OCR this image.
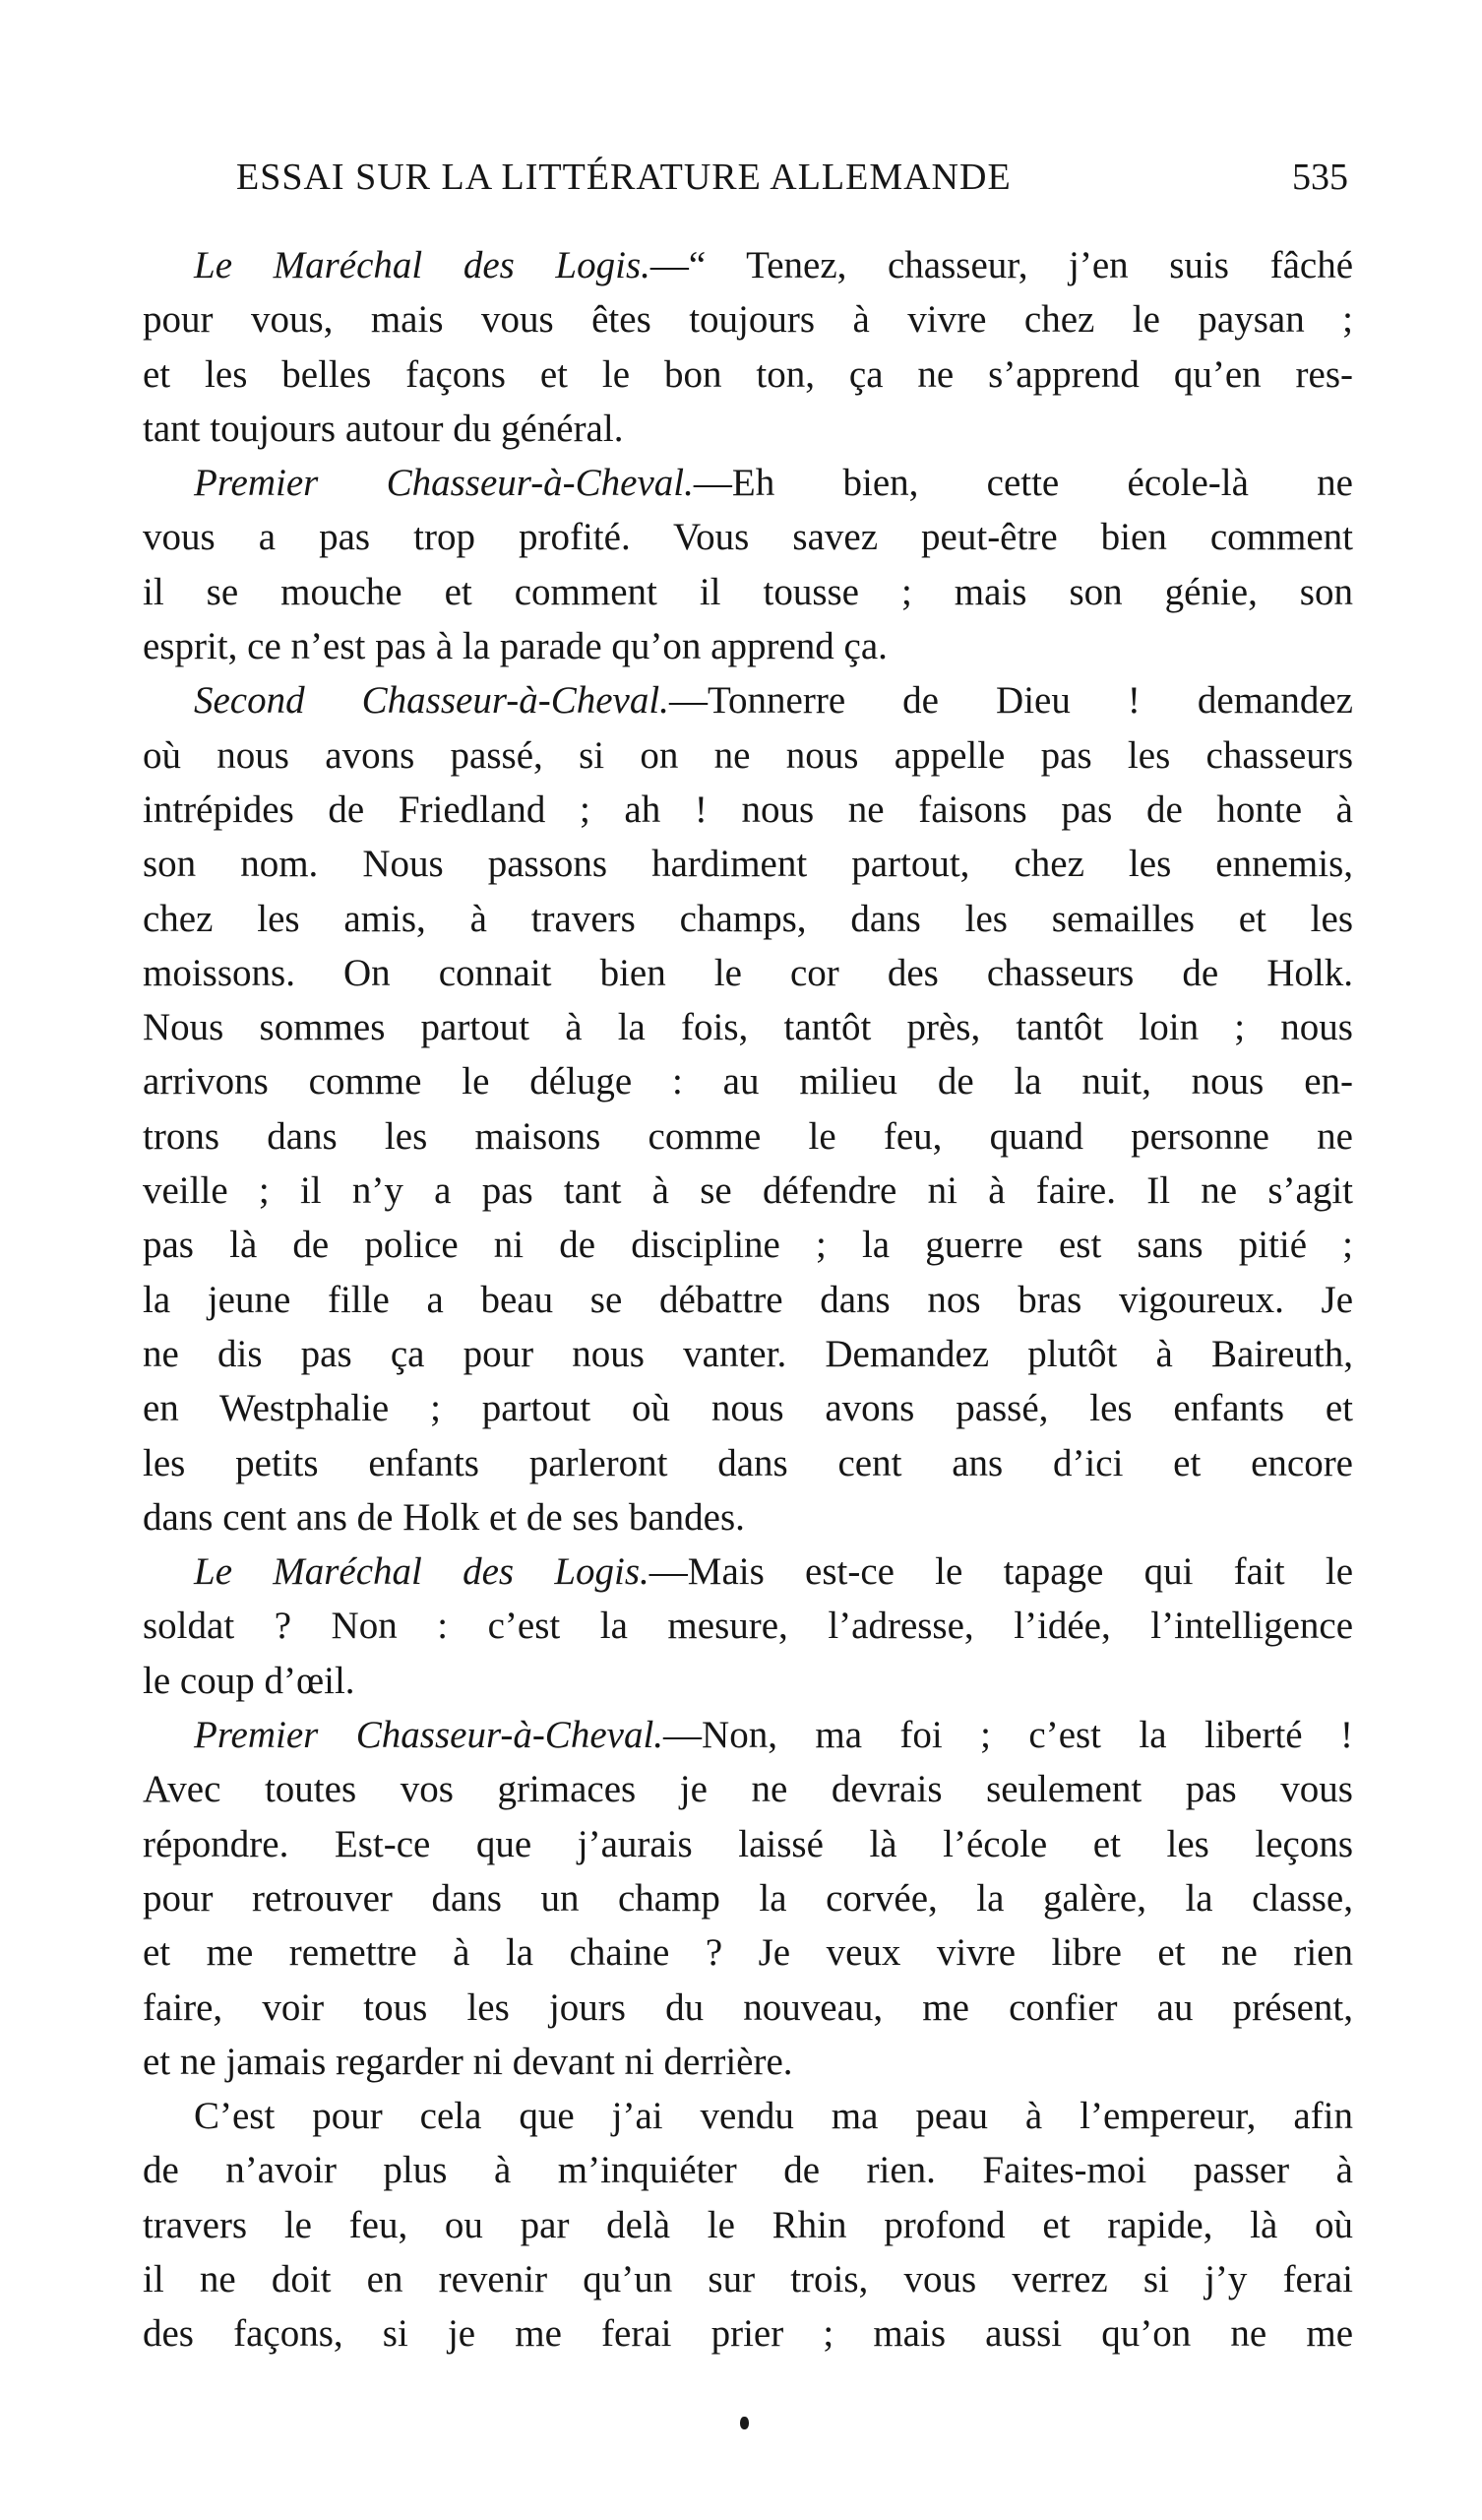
ESSAI SUR LA LITTÉRATURE ALLEMANDE	535
Le Maréchal des Logis.—“ Tenez, chasseur, j’en suis fâché
pour vous, mais vous êtes toujours à vivre chez le paysan ;
et les belles façons et le bon ton, ça ne s’apprend qu’en res-
tant toujours autour du général.
Premier Chasseur-à-Cheval.—Eh bien, cette école-là ne
vous a pas trop profité. Vous savez peut-être bien comment
il se mouche et comment il tousse ; mais son génie, son
esprit, ce n’est pas à la parade qu’on apprend ça.
Second Chasseur-à-Cheval.—Tonnerre de Dieu ! demandez
où nous avons passé, si on ne nous appelle pas les chasseurs
intrépides de Friedland ; ah ! nous ne faisons pas de honte à
son nom. Nous passons hardiment partout, chez les ennemis,
chez les amis, à travers champs, dans les semailles et les
moissons. On connait bien le cor des chasseurs de Holk.
Nous sommes partout à la fois, tantôt près, tantôt loin ; nous
arrivons comme le déluge : au milieu de la nuit, nous en-
trons dans les maisons comme le feu, quand personne ne
veille ; il n’y a pas tant à se défendre ni à faire. Il ne s’agit
pas là de police ni de discipline ; la guerre est sans pitié ;
la jeune fille a beau se débattre dans nos bras vigoureux. Je
ne dis pas ça pour nous vanter. Demandez plutôt à Baireuth,
en Westphalie ; partout où nous avons passé, les enfants et
les petits enfants parleront dans cent ans d’ici et encore
dans cent ans de Holk et de ses bandes.
Le Maréchal des Logis.—Mais est-ce le tapage qui fait le
soldat ? Non : c’est la mesure, l’adresse, l’idée, l’intelligence
le coup d’œil.
Premier Chasseur-à-Cheval.—Non, ma foi ; c’est la liberté !
Avec toutes vos grimaces je ne devrais seulement pas vous
répondre. Est-ce que j’aurais laissé là l’école et les leçons
pour retrouver dans un champ la corvée, la galère, la classe,
et me remettre à la chaine ? Je veux vivre libre et ne rien
faire, voir tous les jours du nouveau, me confier au présent,
et ne jamais regarder ni devant ni derrière.
C’est pour cela que j’ai vendu ma peau à l’empereur, afin
de n’avoir plus à m’inquiéter de rien. Faites-moi passer à
travers le feu, ou par delà le Rhin profond et rapide, là où
il ne doit en revenir qu’un sur trois, vous verrez si j’y ferai
des façons, si je me ferai prier ; mais aussi qu’on ne me
